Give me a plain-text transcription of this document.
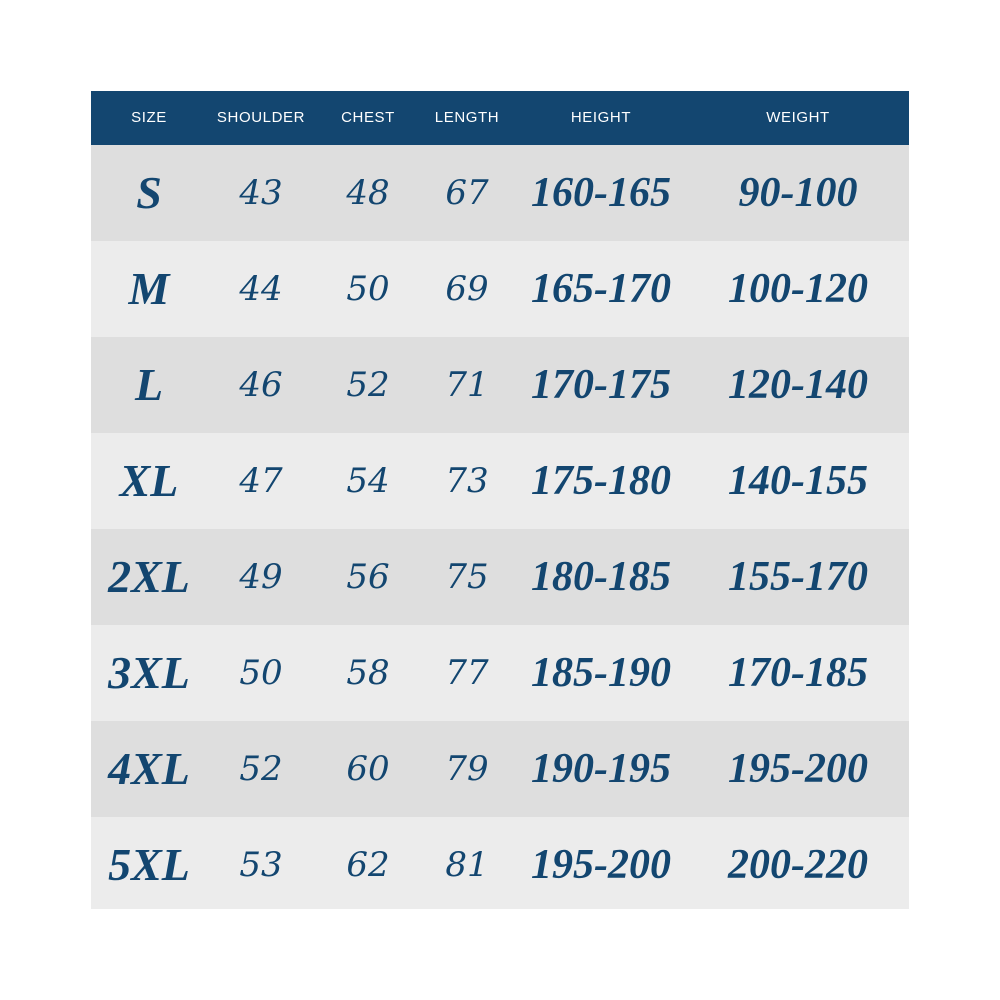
SIZE	SHOULDER	CHEST	LENGTH	HEIGHT	WEIGHT
S	43	48	67	160-165	90-100
M	44	50	69	165-170	100-120
L	46	52	71	170-175	120-140
XL	47	54	73	175-180	140-155
2XL	49	56	75	180-185	155-170
3XL	50	58	77	185-190	170-185
4XL	52	60	79	190-195	195-200
5XL	53	62	81	195-200	200-220
